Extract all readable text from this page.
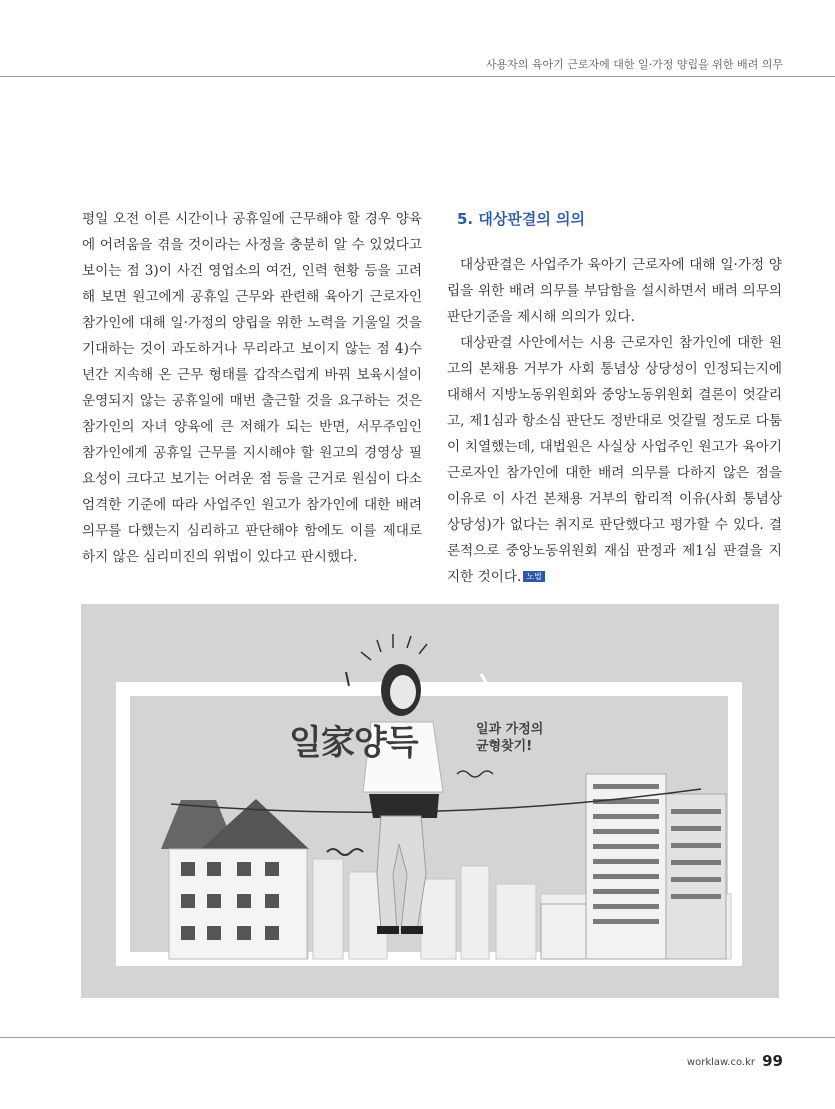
사용자의 육아기 근로자에 대한 일·가정 양립을 위한 배려 의무

평일 오전 이른 시간이나 공휴일에 근무해야 할 경우 양육에 어려움을 겪을 것이라는 사정을 충분히 알 수 있었다고 보이는 점 3)이 사건 영업소의 여건, 인력 현황 등을 고려해 보면 원고에게 공휴일 근무와 관련해 육아기 근로자인 참가인에 대해 일·가정의 양립을 위한 노력을 기울일 것을 기대하는 것이 과도하거나 무리라고 보이지 않는 점 4)수년간 지속해 온 근무 형태를 갑작스럽게 바꿔 보육시설이 운영되지 않는 공휴일에 매번 출근할 것을 요구하는 것은 참가인의 자녀 양육에 큰 저해가 되는 반면, 서무주임인 참가인에게 공휴일 근무를 지시해야 할 원고의 경영상 필요성이 크다고 보기는 어려운 점 등을 근거로 원심이 다소 엄격한 기준에 따라 사업주인 원고가 참가인에 대한 배려 의무를 다했는지 심리하고 판단해야 함에도 이를 제대로 하지 않은 심리미진의 위법이 있다고 판시했다.

5. 대상판결의 의의

대상판결은 사업주가 육아기 근로자에 대해 일·가정 양립을 위한 배려 의무를 부담함을 설시하면서 배려 의무의 판단기준을 제시해 의의가 있다.

대상판결 사안에서는 시용 근로자인 참가인에 대한 원고의 본채용 거부가 사회 통념상 상당성이 인정되는지에 대해서 지방노동위원회와 중앙노동위원회 결론이 엇갈리고, 제1심과 항소심 판단도 정반대로 엇갈릴 정도로 다툼이 치열했는데, 대법원은 사실상 사업주인 원고가 육아기 근로자인 참가인에 대한 배려 의무를 다하지 않은 점을 이유로 이 사건 본채용 거부의 합리적 이유(사회 통념상 상당성)가 없다는 취지로 판단했다고 평가할 수 있다. 결론적으로 중앙노동위원회 재심 판정과 제1심 판결을 지지한 것이다. 노법

일家양득	일과 가정의 균형찾기!
worklaw.co.kr 99
